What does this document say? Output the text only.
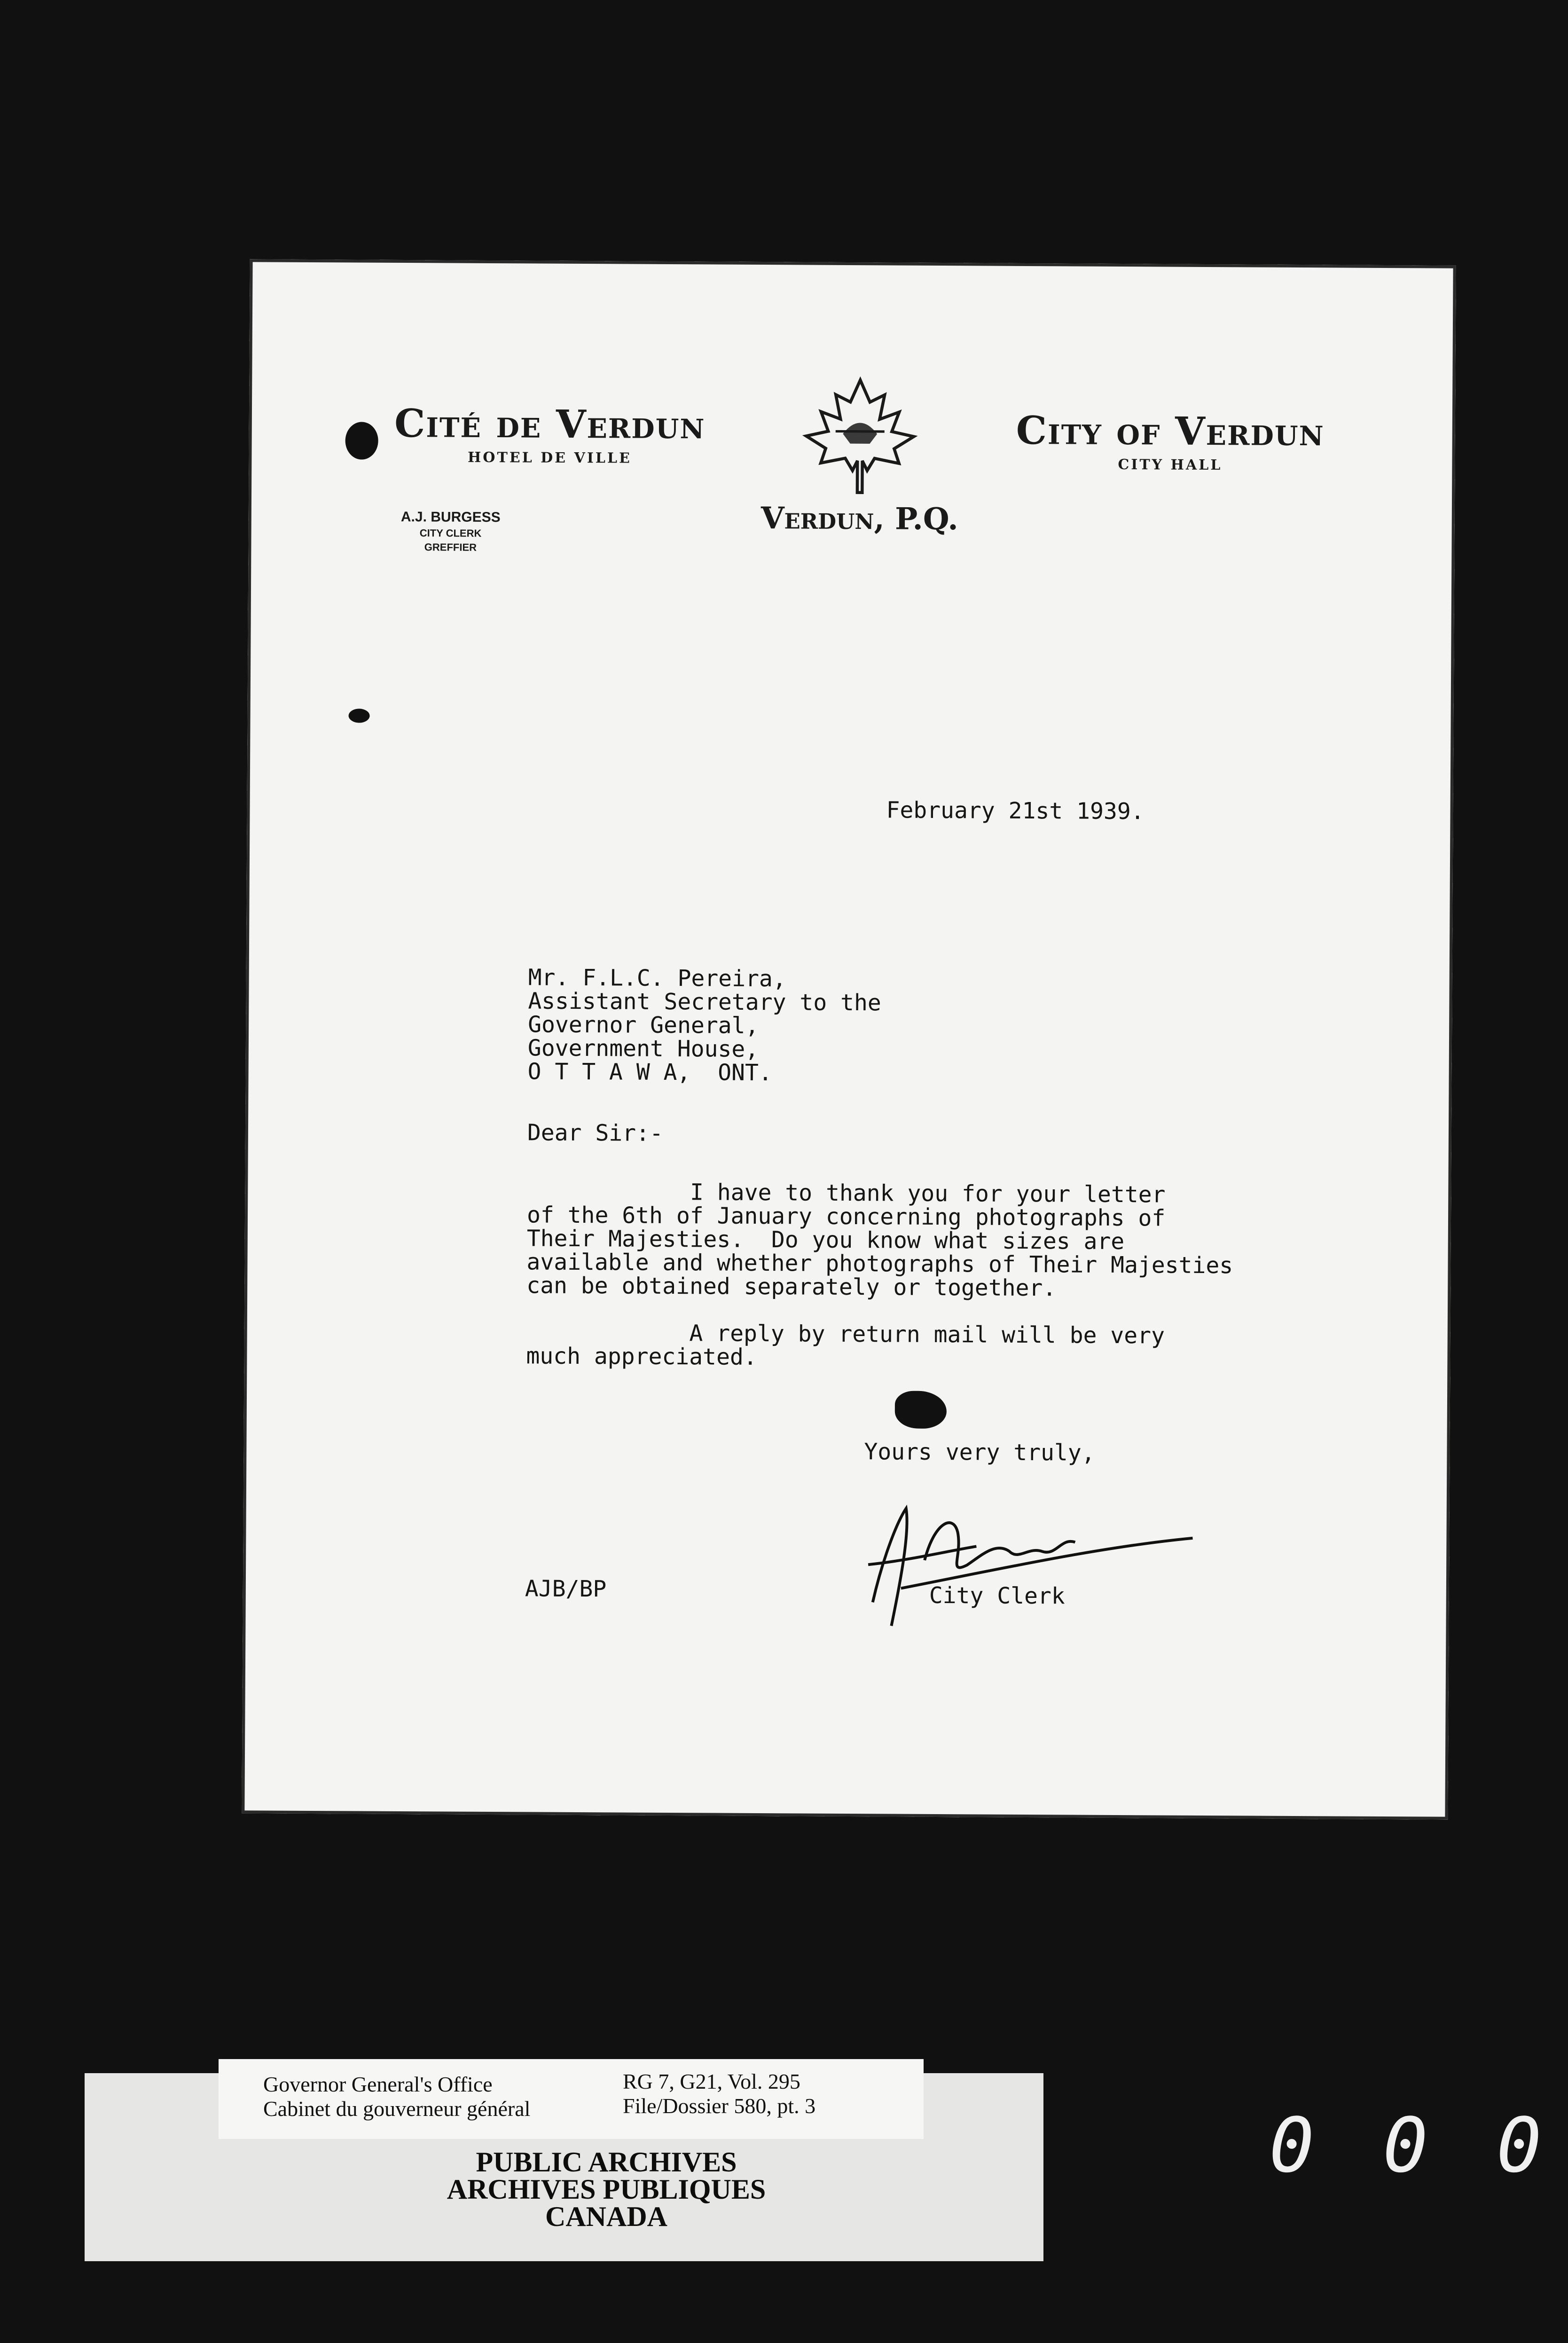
Cité de Verdun
HOTEL DE VILLE
Verdun, P.Q.
City of Verdun
CITY HALL
A.J. BURGESS
CITY CLERK
GREFFIER
February 21st 1939.
Mr. F.L.C. Pereira,
Assistant Secretary to the
Governor General,
Government House,
O T T A W A,  ONT.
Dear Sir:-
I have to thank you for your letter
of the 6th of January concerning photographs of
Their Majesties.  Do you know what sizes are
available and whether photographs of Their Majesties
can be obtained separately or together.
A reply by return mail will be very
much appreciated.
Yours very truly,
City Clerk
AJB/BP
Governor General's Office
Cabinet du gouverneur général
RG 7, G21, Vol. 295
File/Dossier 580, pt. 3
PUBLIC ARCHIVES
ARCHIVES PUBLIQUES
CANADA
0 0 0
